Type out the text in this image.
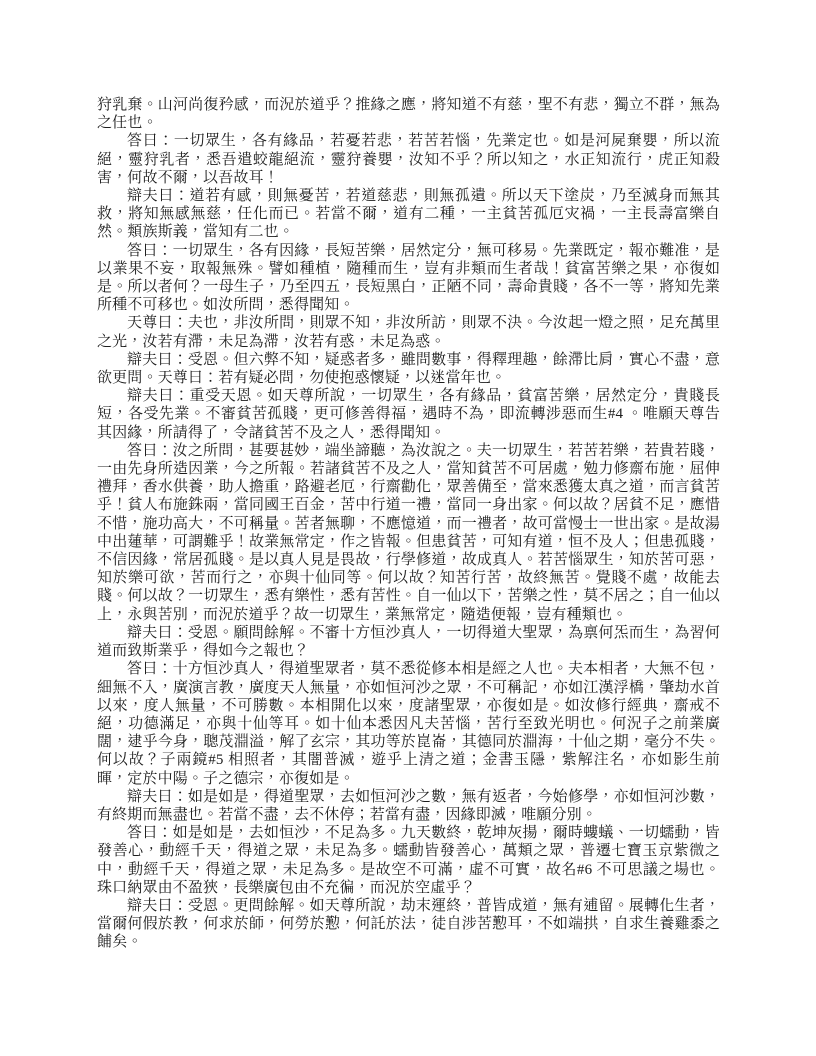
狩乳棄。山河尚復矜感，而況於道乎？推緣之應，將知道不有慈，聖不有悲，獨立不群，無為之任也。

答曰：一切眾生，各有緣品，若憂若悲，若苦若惱，先業定也。如是河屍棄嬰，所以流絕，靈狩乳者，悉吾遣蛟龍絕流，靈狩養嬰，汝知不乎？所以知之，水正知流行，虎正知殺害，何故不爾，以吾故耳！

辯夫曰：道若有感，則無憂苦，若道慈悲，則無孤遺。所以天下塗炭，乃至滅身而無其救，將知無感無慈，任化而已。若當不爾，道有二種，一主貧苦孤厄灾禍，一主長壽富樂自然。類族斯義，當知有二也。

答曰：一切眾生，各有因緣，長短苦樂，居然定分，無可移易。先業既定，報亦難准，是以業果不妄，取報無殊。譬如種植，隨種而生，豈有非類而生者哉！貧富苦樂之果，亦復如是。所以者何？一母生子，乃至四五，長短黑白，正陋不同，壽命貴賤，各不一等，將知先業所種不可移也。如汝所問，悉得聞知。

天尊曰：夫也，非汝所問，則眾不知，非汝所訪，則眾不決。今汝起一燈之照，足充萬里之光，汝若有滯，未足為滯，汝若有惑，未足為惑。

辯夫曰：受恩。但六弊不知，疑惑者多，雖問數事，得釋理趣，餘滯比肩，實心不盡，意欲更問。天尊曰：若有疑必問，勿使抱惑懷疑，以迷當年也。

辯夫曰：重受天恩。如天尊所說，一切眾生，各有緣品，貧富苦樂，居然定分，貴賤長短，各受先業。不審貧苦孤賤，更可修善得福，遇時不為，即流轉涉惡而生#4 。唯願天尊告其因緣，所請得了，令諸貧苦不及之人，悉得聞知。

答曰：汝之所問，甚要甚妙，端坐諦聽，為汝說之。夫一切眾生，若苦若樂，若貴若賤，一由先身所造因業，今之所報。若諸貧苦不及之人，當知貧苦不可居處，勉力修齋布施，屈伸禮拜，香水供養，助人擔重，路避老厄，行齋勸化，眾善備至，當來悉獲太真之道，而言貧苦乎！貧人布施銖兩，當同國王百金，苦中行道一禮，當同一身出家。何以故？居貧不足，應惜不惜，施功高大，不可稱量。苦者無聊，不應憶道，而一禮者，故可當慢士一世出家。是故湯中出蓮華，可謂難乎！故業無常定，作之皆報。但患貧苦，可知有道，恒不及人；但患孤賤，不信因緣，常居孤賤。是以真人見是畏故，行學修道，故成真人。若苦惱眾生，知於苦可惡，知於樂可欲，苦而行之，亦與十仙同等。何以故？知苦行苦，故終無苦。覺賤不處，故能去賤。何以故？一切眾生，悉有樂性，悉有苦性。自一仙以下，苦樂之性，莫不居之；自一仙以上，永與苦別，而況於道乎？故一切眾生，業無常定，隨造便報，豈有種類也。

辯夫曰：受恩。願問餘解。不審十方恒沙真人，一切得道大聖眾，為禀何炁而生，為習何道而致斯業乎，得如今之報也？

答曰：十方恒沙真人，得道聖眾者，莫不悉從修本相是經之人也。夫本相者，大無不包，細無不入，廣演言教，廣度天人無量，亦如恒河沙之眾，不可稱記，亦如江漢浮橋，肇劫水首以來，度人無量，不可勝數。本相開化以來，度諸聖眾，亦復如是。如汝修行經典，齋戒不絕，功德滿足，亦與十仙等耳。如十仙本悉因凡夫苦惱，苦行至致光明也。何況子之前業廣闊，逮乎今身，聰茂淵溢，解了玄宗，其功等於崑崙，其德同於淵海，十仙之期，毫分不失。何以故？子兩鏡#5 相照者，其闇普滅，遊乎上清之道；金書玉隱，紫解注名，亦如影生前暉，定於中陽。子之德宗，亦復如是。

辯夫曰：如是如是，得道聖眾，去如恒河沙之數，無有返者，今始修學，亦如恒河沙數，有終期而無盡也。若當不盡，去不休停；若當有盡，因緣即滅，唯願分別。

答曰：如是如是，去如恒沙，不足為多。九天數終，乾坤灰揚，爾時螻蟻、一切蠕動，皆發善心，動經千天，得道之眾，未足為多。蠕動皆發善心，萬類之眾，普遷七寶玉京紫微之中，動經千天，得道之眾，未足為多。是故空不可滿，虛不可實，故名#6 不可思議之場也。珠口納眾由不盈狹，長樂廣包由不充徧，而況於空虛乎？

辯夫曰：受恩。更問餘解。如天尊所說，劫末運終，普皆成道，無有逋留。展轉化生者，當爾何假於教，何求於師，何勞於懃，何託於法，徒自涉苦懃耳，不如端拱，自求生養雞黍之餔矣。
